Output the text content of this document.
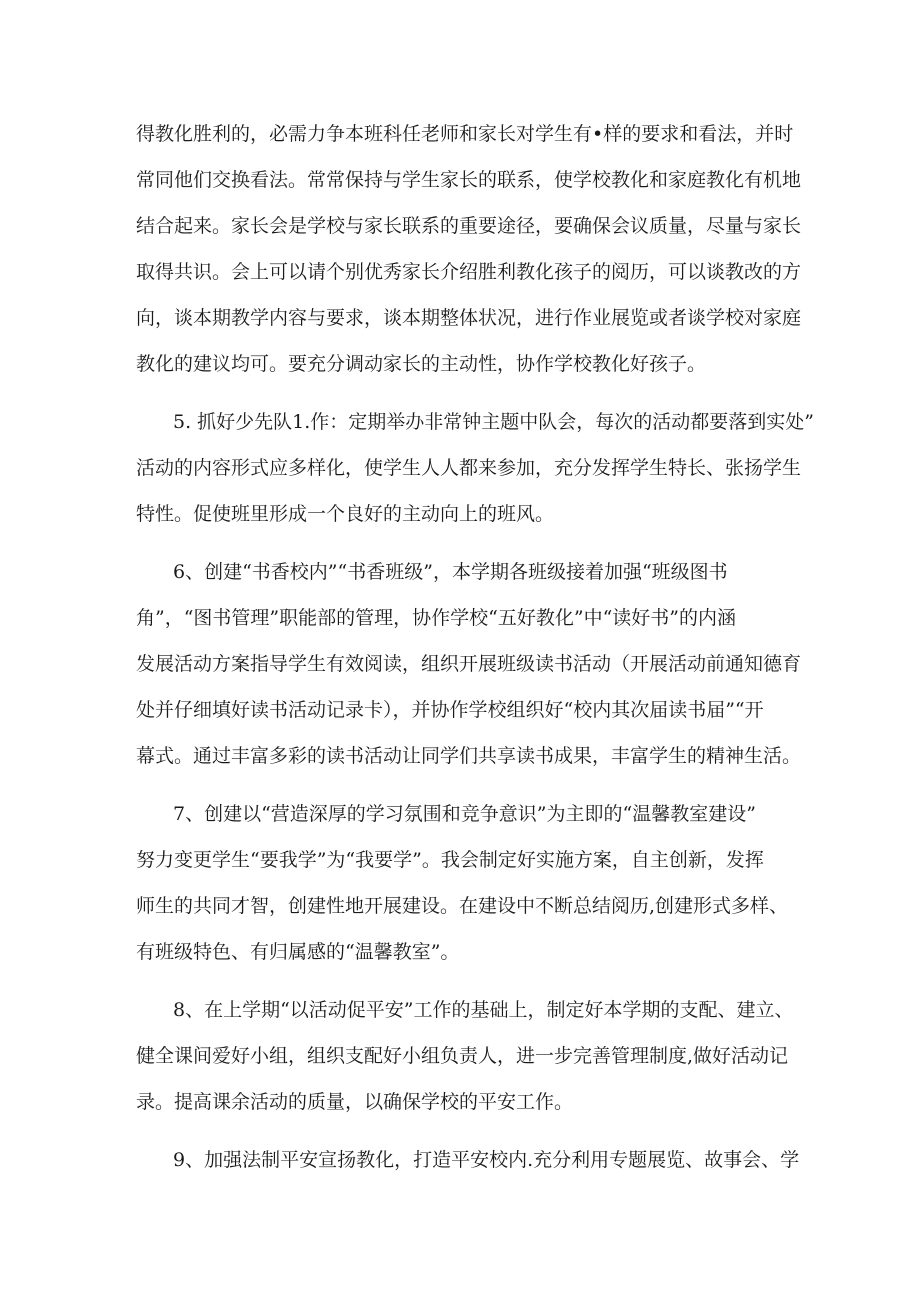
得教化胜利的，必需力争本班科任老师和家长对学生有•样的要求和看法，并时
常同他们交换看法。常常保持与学生家长的联系，使学校教化和家庭教化有机地
结合起来。家长会是学校与家长联系的重要途径，要确保会议质量，尽量与家长
取得共识。会上可以请个别优秀家长介绍胜利教化孩子的阅历，可以谈教改的方
向，谈本期教学内容与要求，谈本期整体状况，进行作业展览或者谈学校对家庭
教化的建议均可。要充分调动家长的主动性，协作学校教化好孩子。
5. 抓好少先队1.作：定期举办非常钟主题中队会，每次的活动都要落到实处”
活动的内容形式应多样化，使学生人人都来参加，充分发挥学生特长、张扬学生
特性。促使班里形成一个良好的主动向上的班风。
6、创建“书香校内”“书香班级”，本学期各班级接着加强“班级图书
角”，“图书管理”职能部的管理，协作学校“五好教化”中“读好书”的内涵
发展活动方案指导学生有效阅读，组织开展班级读书活动（开展活动前通知德育
处并仔细填好读书活动记录卡），并协作学校组织好“校内其次届读书届”“开
幕式。通过丰富多彩的读书活动让同学们共享读书成果，丰富学生的精神生活。
7、创建以“营造深厚的学习氛围和竞争意识”为主即的“温馨教室建设”
努力变更学生“要我学”为“我要学”。我会制定好实施方案，自主创新，发挥
师生的共同才智，创建性地开展建设。在建设中不断总结阅历,创建形式多样、
有班级特色、有归属感的“温馨教室”。
8、在上学期“以活动促平安”工作的基础上，制定好本学期的支配、建立、
健全课间爱好小组，组织支配好小组负责人，进一步完善管理制度,做好活动记
录。提高课余活动的质量，以确保学校的平安工作。
9、加强法制平安宣扬教化，打造平安校内.充分利用专题展览、故事会、学
